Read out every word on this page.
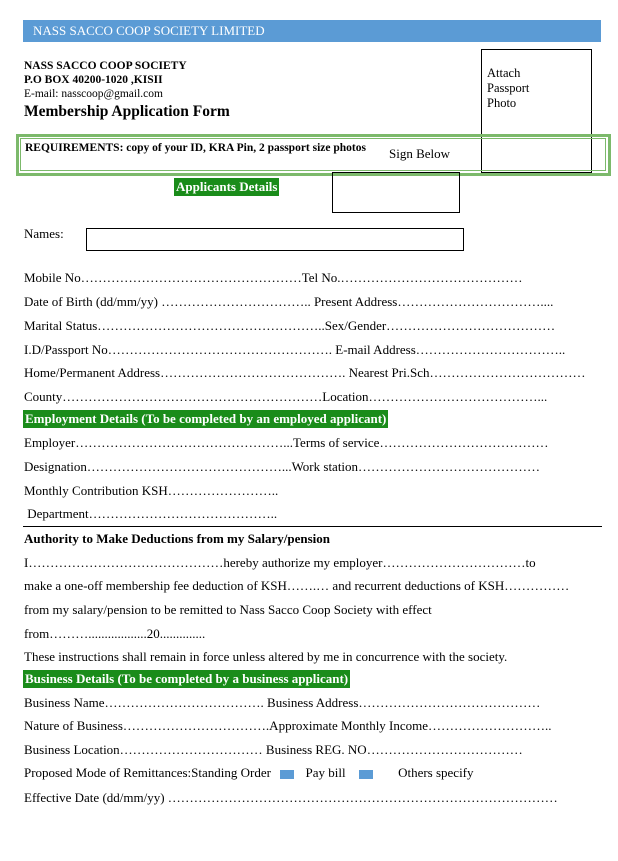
NASS SACCO COOP SOCIETY LIMITED
NASS SACCO COOP SOCIETY
P.O BOX 40200-1020 ,KISII
E-mail: nasscoop@gmail.com
Membership Application Form
Attach
Passport
Photo
REQUIREMENTS: copy of your ID, KRA Pin, 2 passport size photos	Sign Below
Applicants Details
Names:
Mobile No……………………………………………Tel No.……………………………………
Date of Birth (dd/mm/yy) …………………………….. Present Address……………………………....
Marital Status……………………………………………..Sex/Gender…………………………………
I.D/Passport No……………………………………………. E-mail Address……………………………..
Home/Permanent Address……………………………………. Nearest Pri.Sch………………………………
County……………………………………………………Location…………………………………...
Employment Details (To be completed by an employed applicant)
Employer…………………………………………...Terms of service…………………………………
Designation………………………………………...Work station……………………………………
Monthly Contribution KSH……………………..
Department……………………………………..
Authority to Make Deductions from my Salary/pension
I………………………………………hereby authorize my employer……………………………to
make a one-off membership fee deduction of KSH…….… and recurrent deductions of KSH……………
from my salary/pension to be remitted to Nass Sacco Coop Society with effect
from………..................20..............
These instructions shall remain in force unless altered by me in concurrence with the society.
Business Details (To be completed by a business applicant)
Business Name………………………………. Business Address……………………………………
Nature of Business…………………………….Approximate Monthly Income………………………..
Business Location…………………………… Business REG. NO………………………………
Proposed Mode of Remittances:Standing Order	Pay bill	Others specify
Effective Date (dd/mm/yy) ………………………………………………………………………………
